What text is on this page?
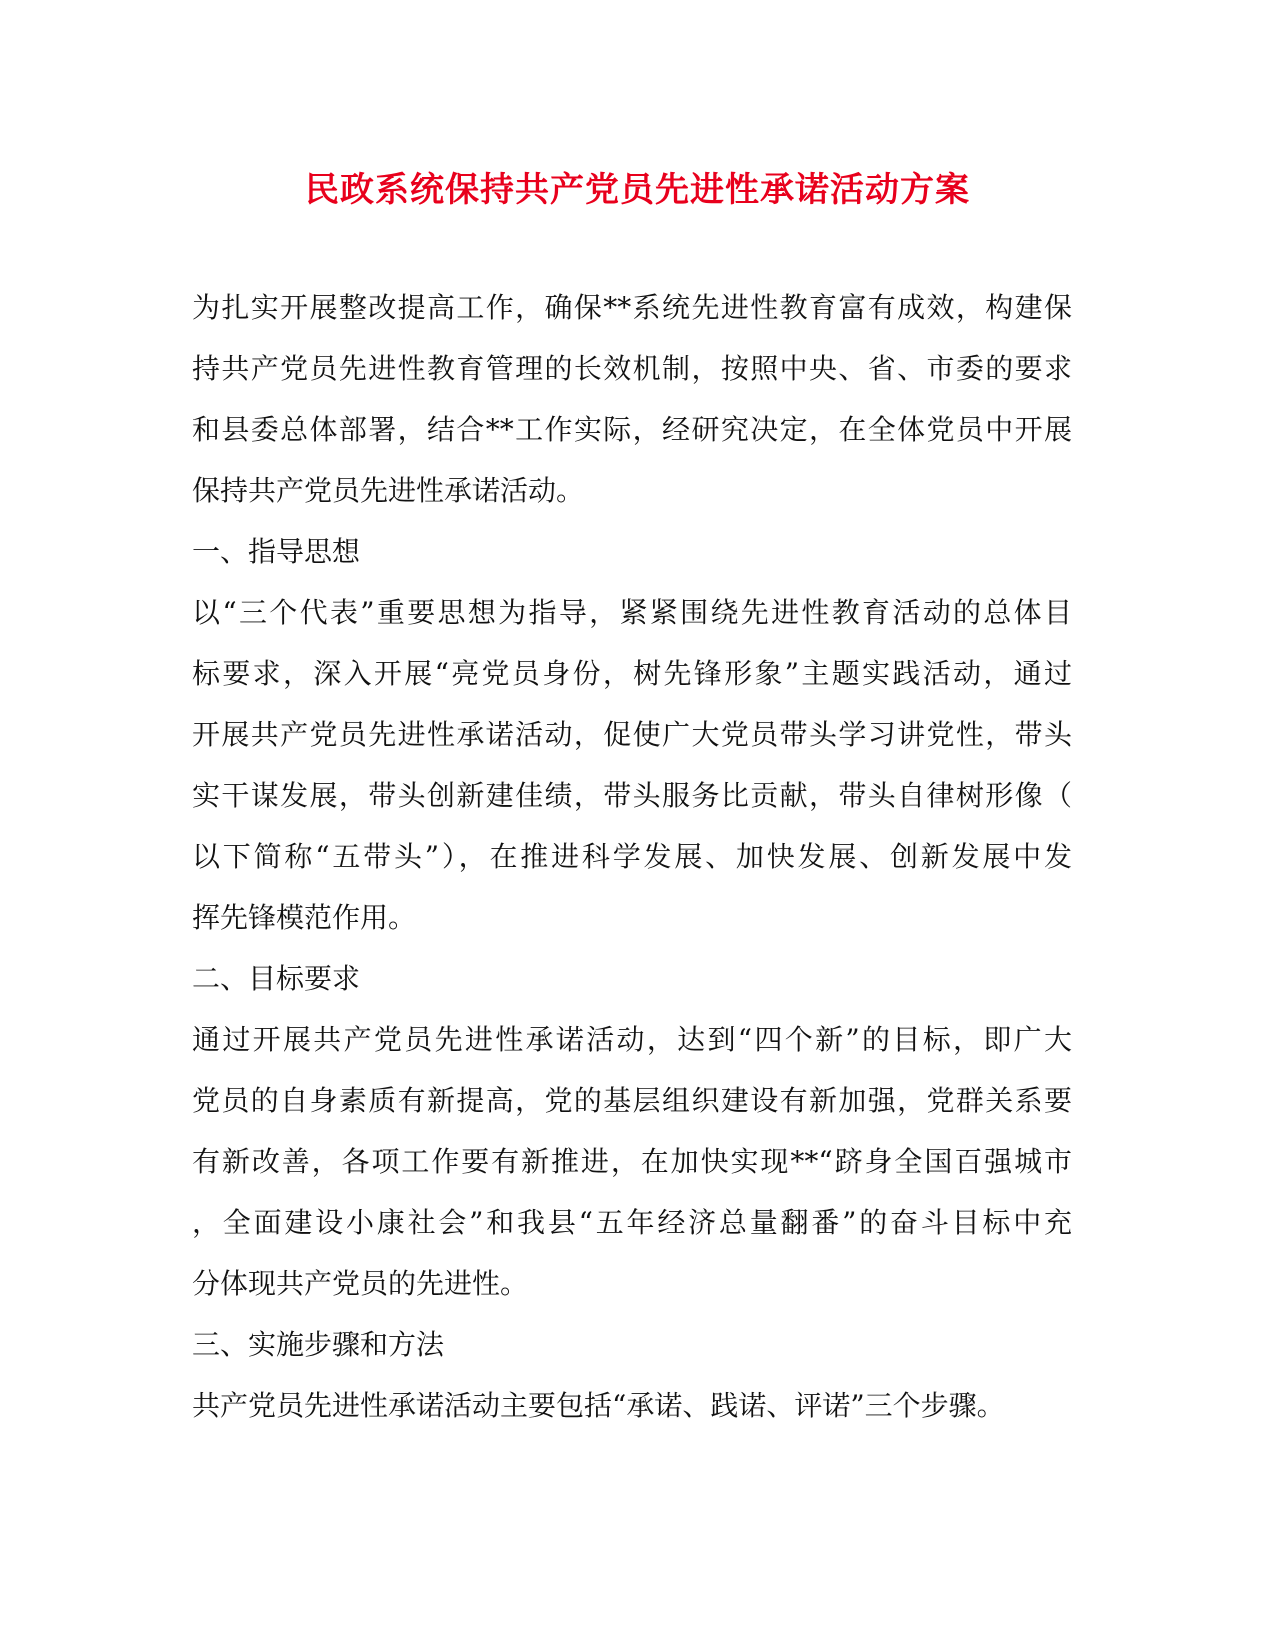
民政系统保持共产党员先进性承诺活动方案
为扎实开展整改提高工作，确保**系统先进性教育富有成效，构建保
持共产党员先进性教育管理的长效机制，按照中央、省、市委的要求
和县委总体部署，结合**工作实际，经研究决定，在全体党员中开展
保持共产党员先进性承诺活动。
一、指导思想
以“三个代表”重要思想为指导，紧紧围绕先进性教育活动的总体目
标要求，深入开展“亮党员身份，树先锋形象”主题实践活动，通过
开展共产党员先进性承诺活动，促使广大党员带头学习讲党性，带头
实干谋发展，带头创新建佳绩，带头服务比贡献，带头自律树形像（
以下简称“五带头”），在推进科学发展、加快发展、创新发展中发
挥先锋模范作用。
二、目标要求
通过开展共产党员先进性承诺活动，达到“四个新”的目标，即广大
党员的自身素质有新提高，党的基层组织建设有新加强，党群关系要
有新改善，各项工作要有新推进，在加快实现**“跻身全国百强城市
，全面建设小康社会”和我县“五年经济总量翻番”的奋斗目标中充
分体现共产党员的先进性。
三、实施步骤和方法
共产党员先进性承诺活动主要包括“承诺、践诺、评诺”三个步骤。
